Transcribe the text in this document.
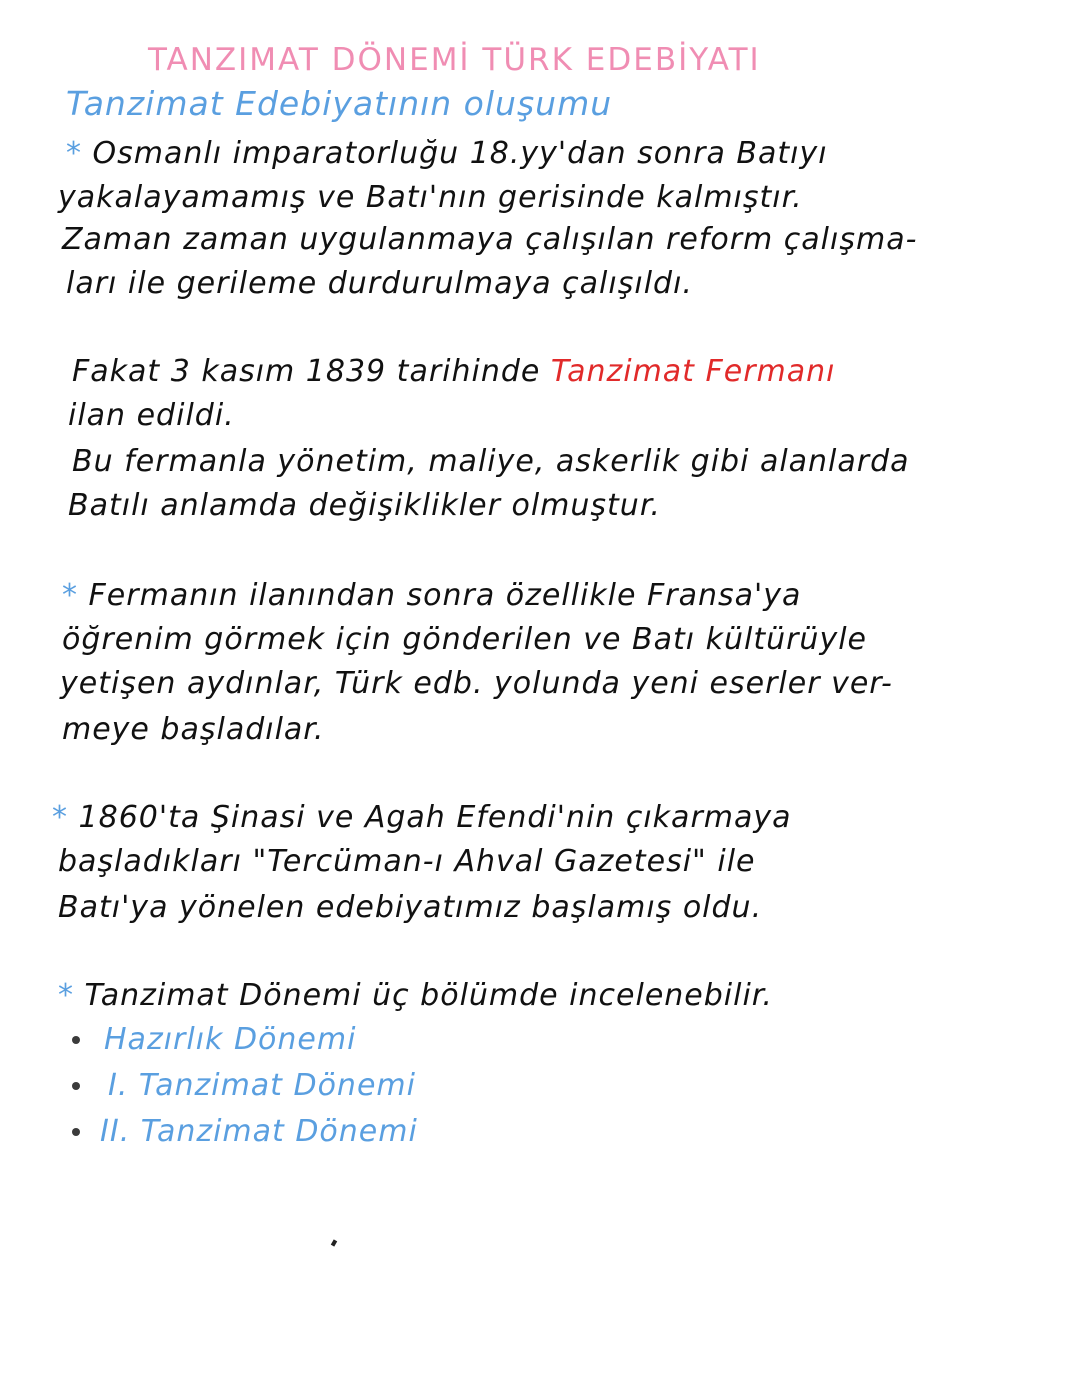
TANZIMAT DÖNEMİ TÜRK EDEBİYATI
Tanzimat Edebiyatının oluşumu
* Osmanlı imparatorluğu 18.yy'dan sonra Batıyı
yakalayamamış ve Batı'nın gerisinde kalmıştır.
Zaman zaman uygulanmaya çalışılan reform çalışma-
ları ile gerileme durdurulmaya çalışıldı.
Fakat 3 kasım 1839 tarihinde Tanzimat Fermanı
ilan edildi.
Bu fermanla yönetim, maliye, askerlik gibi alanlarda
Batılı anlamda değişiklikler olmuştur.
* Fermanın ilanından sonra özellikle Fransa'ya
öğrenim görmek için gönderilen ve Batı kültürüyle
yetişen aydınlar, Türk edb. yolunda yeni eserler ver-
meye başladılar.
* 1860'ta Şinasi ve Agah Efendi'nin çıkarmaya
başladıkları "Tercüman-ı Ahval Gazetesi" ile
Batı'ya yönelen edebiyatımız başlamış oldu.
* Tanzimat Dönemi üç bölümde incelenebilir.
Hazırlık Dönemi
I. Tanzimat Dönemi
II. Tanzimat Dönemi
